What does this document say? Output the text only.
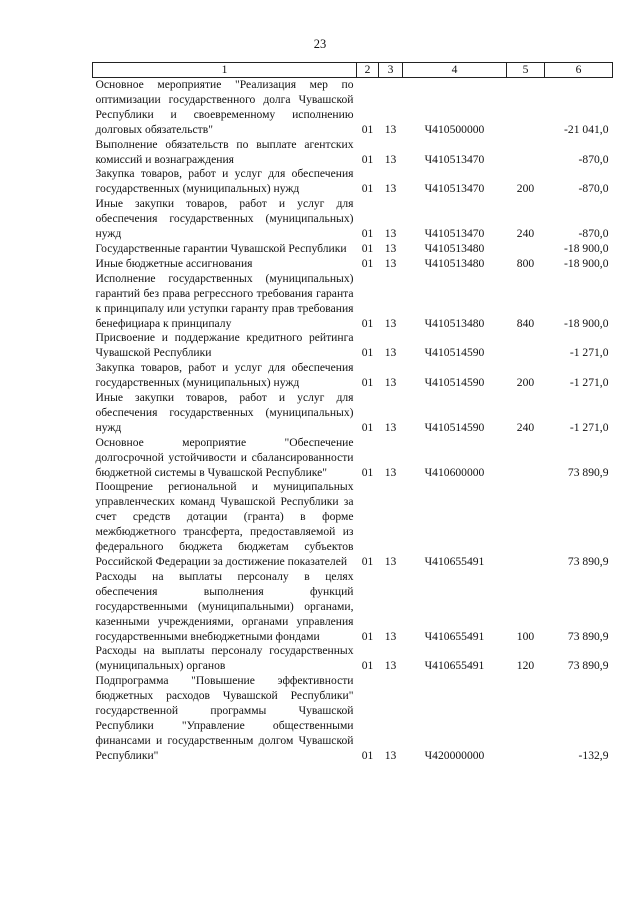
23
1	2	3	4	5	6
Основное мероприятие "Реализация мер по оптимизации государственного долга Чувашской Республики и своевременному исполнению долговых обязательств"	01	13	Ч410500000		-21 041,0
Выполнение обязательств по выплате агентских комиссий и вознаграждения	01	13	Ч410513470		-870,0
Закупка товаров, работ и услуг для обеспечения государственных (муниципальных) нужд	01	13	Ч410513470	200	-870,0
Иные закупки товаров, работ и услуг для обеспечения государственных (муниципальных) нужд	01	13	Ч410513470	240	-870,0
Государственные гарантии Чувашской Республики	01	13	Ч410513480		-18 900,0
Иные бюджетные ассигнования	01	13	Ч410513480	800	-18 900,0
Исполнение государственных (муниципальных) гарантий без права регрессного требования гаранта к принципалу или уступки гаранту прав требования бенефициара к принципалу	01	13	Ч410513480	840	-18 900,0
Присвоение и поддержание кредитного рейтинга Чувашской Республики	01	13	Ч410514590		-1 271,0
Закупка товаров, работ и услуг для обеспечения государственных (муниципальных) нужд	01	13	Ч410514590	200	-1 271,0
Иные закупки товаров, работ и услуг для обеспечения государственных (муниципальных) нужд	01	13	Ч410514590	240	-1 271,0
Основное мероприятие "Обеспечение долгосрочной устойчивости и сбалансированности бюджетной системы в Чувашской Республике"	01	13	Ч410600000		73 890,9
Поощрение региональной и муниципальных управленческих команд Чувашской Республики за счет средств дотации (гранта) в форме межбюджетного трансферта, предоставляемой из федерального бюджета бюджетам субъектов Российской Федерации за достижение показателей	01	13	Ч410655491		73 890,9
Расходы на выплаты персоналу в целях обеспечения выполнения функций государственными (муниципальными) органами, казенными учреждениями, органами управления государственными внебюджетными фондами	01	13	Ч410655491	100	73 890,9
Расходы на выплаты персоналу государственных (муниципальных) органов	01	13	Ч410655491	120	73 890,9
Подпрограмма "Повышение эффективности бюджетных расходов Чувашской Республики" государственной программы Чувашской Республики "Управление общественными финансами и государственным долгом Чувашской Республики"	01	13	Ч420000000		-132,9
